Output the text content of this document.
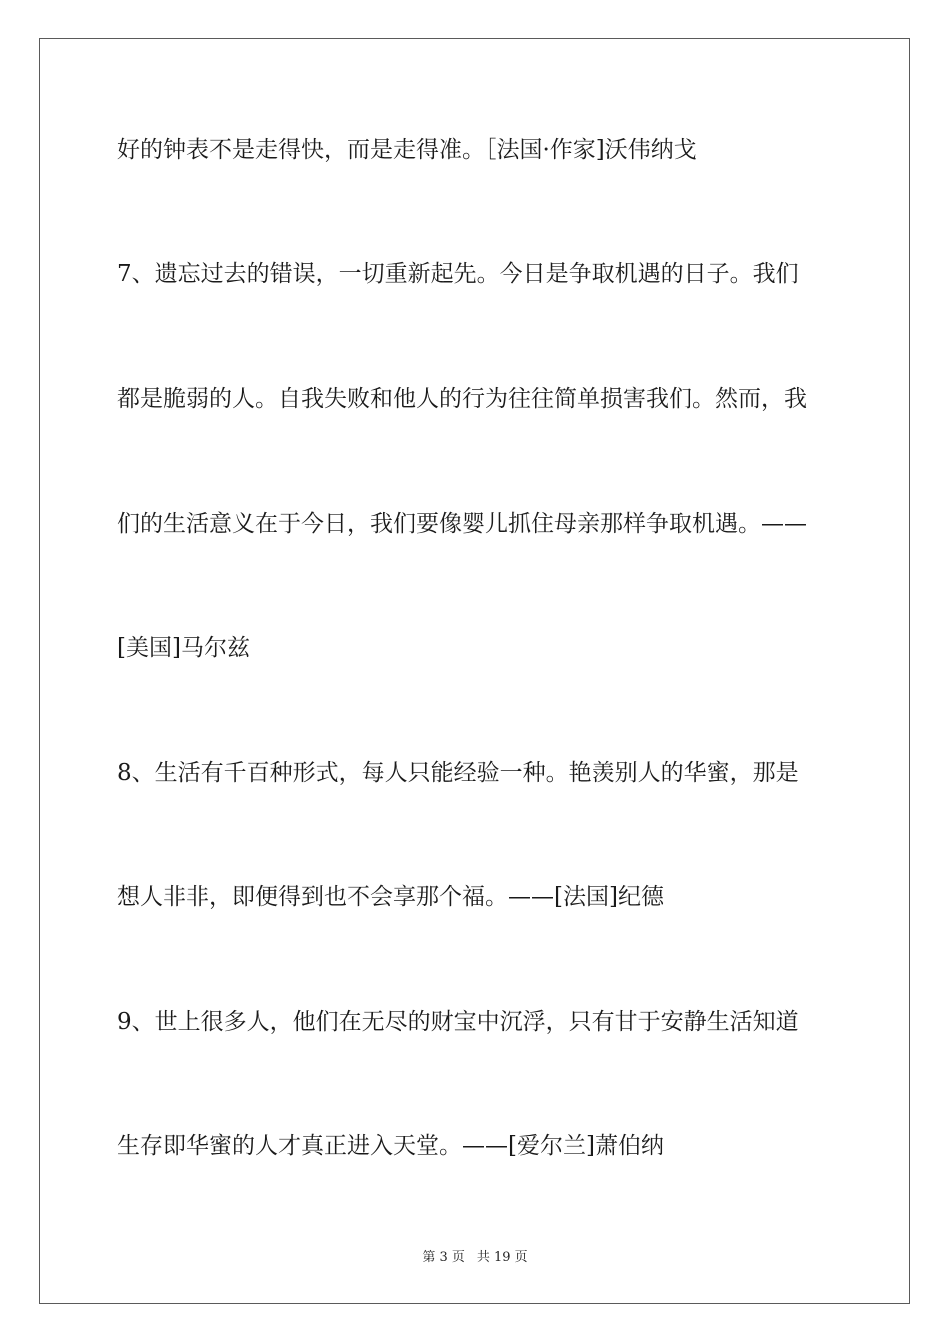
好的钟表不是走得快，而是走得准。［法国·作家]沃伟纳戈

7、遗忘过去的错误，一切重新起先。今日是争取机遇的日子。我们

都是脆弱的人。自我失败和他人的行为往往简单损害我们。然而，我

们的生活意义在于今日，我们要像婴儿抓住母亲那样争取机遇。——

[美国]马尔兹

8、生活有千百种形式，每人只能经验一种。艳羡别人的华蜜，那是

想人非非，即便得到也不会享那个福。——[法国]纪德

9、世上很多人，他们在无尽的财宝中沉浮，只有甘于安静生活知道

生存即华蜜的人才真正进入天堂。——[爱尔兰]萧伯纳

第 3 页 共 19 页
